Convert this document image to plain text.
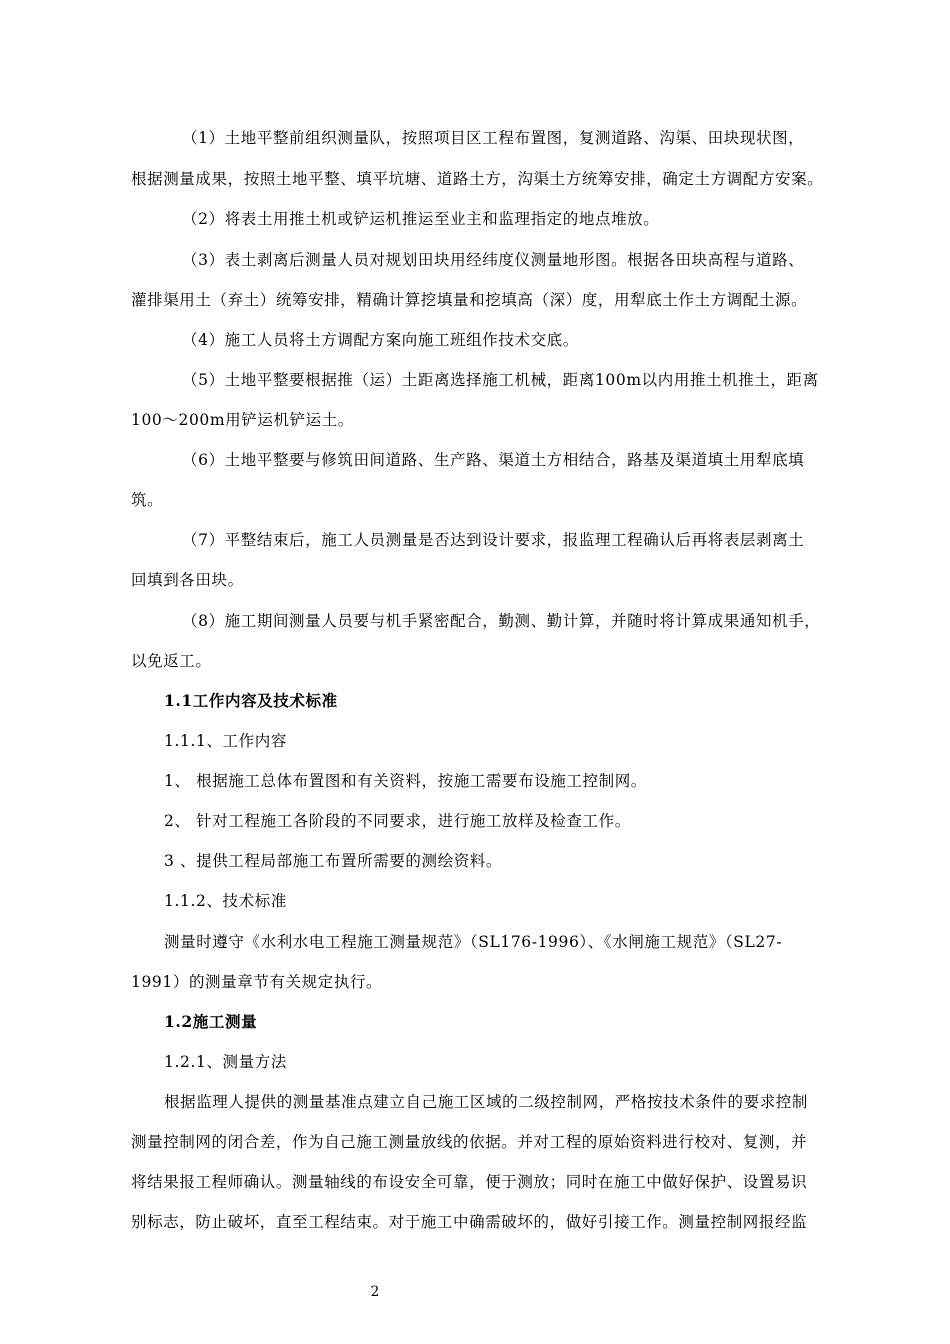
（1）土地平整前组织测量队，按照项目区工程布置图，复测道路、沟渠、田块现状图，
根据测量成果，按照土地平整、填平坑塘、道路土方，沟渠土方统筹安排，确定土方调配方安案。
（2）将表土用推土机或铲运机推运至业主和监理指定的地点堆放。
（3）表土剥离后测量人员对规划田块用经纬度仪测量地形图。根据各田块高程与道路、
灌排渠用土（弃土）统筹安排，精确计算挖填量和挖填高（深）度，用犁底土作土方调配土源。
（4）施工人员将土方调配方案向施工班组作技术交底。
（5）土地平整要根据推（运）土距离选择施工机械，距离100m以内用推土机推土，距离
100～200m用铲运机铲运土。
（6）土地平整要与修筑田间道路、生产路、渠道土方相结合，路基及渠道填土用犁底填
筑。
（7）平整结束后，施工人员测量是否达到设计要求，报监理工程确认后再将表层剥离土
回填到各田块。
（8）施工期间测量人员要与机手紧密配合，勤测、勤计算，并随时将计算成果通知机手，
以免返工。
1.1工作内容及技术标准
1.1.1、工作内容
1、 根据施工总体布置图和有关资料，按施工需要布设施工控制网。
2、 针对工程施工各阶段的不同要求，进行施工放样及检查工作。
3 、提供工程局部施工布置所需要的测绘资料。
1.1.2、技术标准
测量时遵守《水利水电工程施工测量规范》（SL176-1996）、《水闸施工规范》（SL27-
1991）的测量章节有关规定执行。
1.2施工测量
1.2.1、测量方法
根据监理人提供的测量基准点建立自己施工区域的二级控制网，严格按技术条件的要求控制
测量控制网的闭合差，作为自己施工测量放线的依据。并对工程的原始资料进行校对、复测，并
将结果报工程师确认。测量轴线的布设安全可靠，便于测放；同时在施工中做好保护、设置易识
别标志，防止破坏，直至工程结束。对于施工中确需破坏的，做好引接工作。测量控制网报经监
2
